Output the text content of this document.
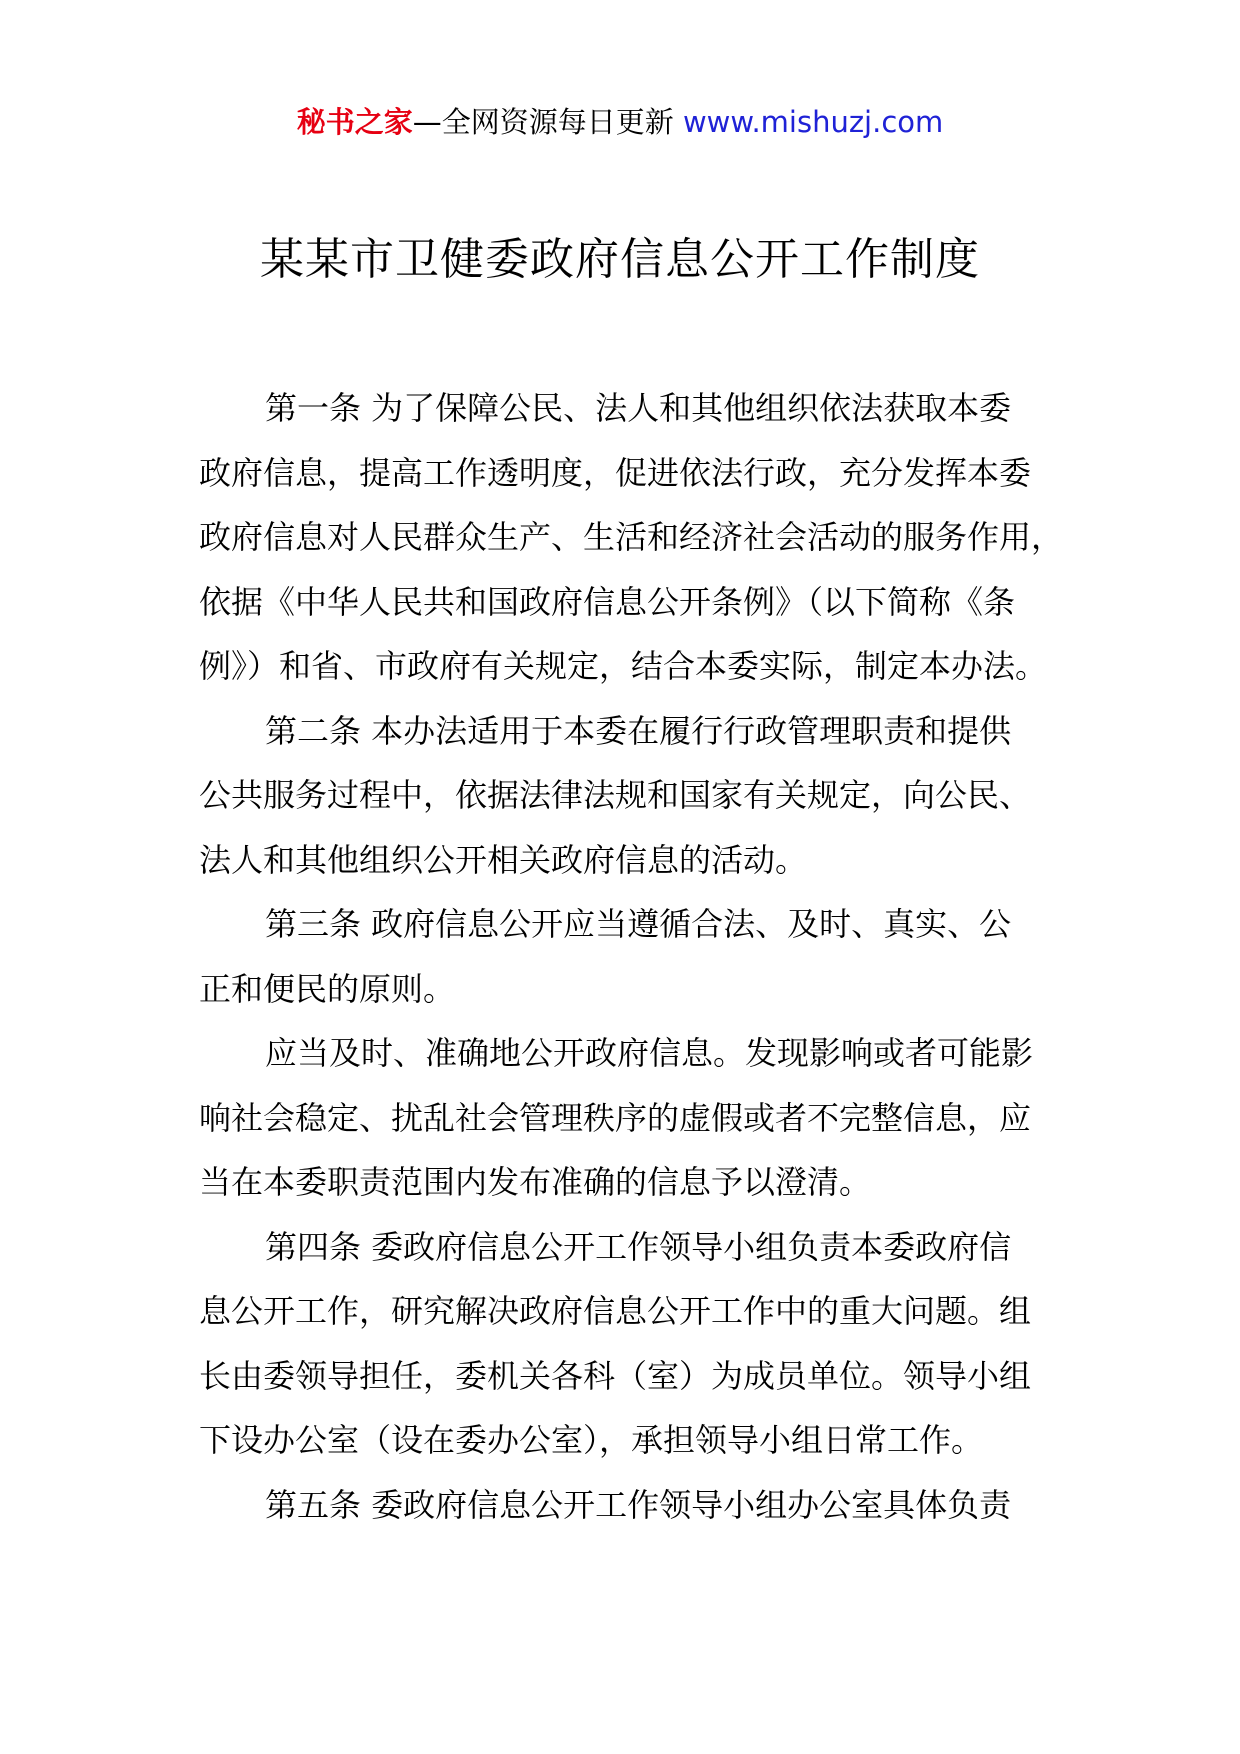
秘书之家—全网资源每日更新 www.mishuzj.com
某某市卫健委政府信息公开工作制度

第一条 为了保障公民、法人和其他组织依法获取本委
政府信息，提高工作透明度，促进依法行政，充分发挥本委
政府信息对人民群众生产、生活和经济社会活动的服务作用，
依据《中华人民共和国政府信息公开条例》（以下简称《条
例》）和省、市政府有关规定，结合本委实际，制定本办法。

第二条 本办法适用于本委在履行行政管理职责和提供
公共服务过程中，依据法律法规和国家有关规定，向公民、
法人和其他组织公开相关政府信息的活动。

第三条 政府信息公开应当遵循合法、及时、真实、公
正和便民的原则。

应当及时、准确地公开政府信息。发现影响或者可能影
响社会稳定、扰乱社会管理秩序的虚假或者不完整信息，应
当在本委职责范围内发布准确的信息予以澄清。

第四条 委政府信息公开工作领导小组负责本委政府信
息公开工作，研究解决政府信息公开工作中的重大问题。组
长由委领导担任，委机关各科（室）为成员单位。领导小组
下设办公室（设在委办公室），承担领导小组日常工作。

第五条 委政府信息公开工作领导小组办公室具体负责
